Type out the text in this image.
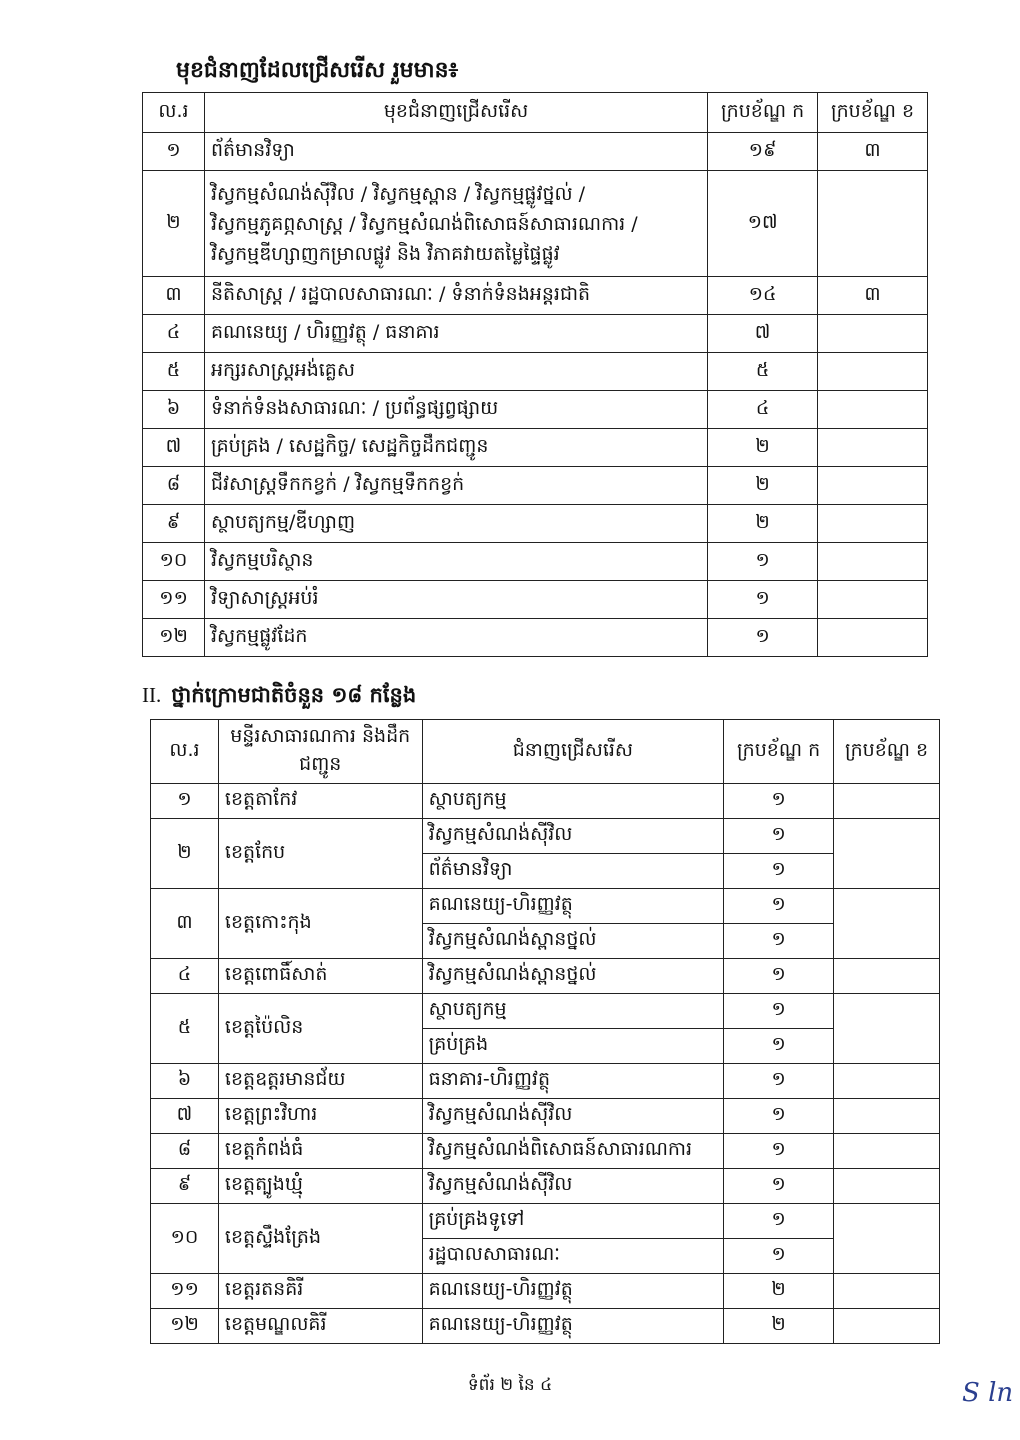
មុខជំនាញដែលជ្រើសរើស រួមមាន៖
ល.រ	មុខជំនាញជ្រើសរើស	ក្របខ័ណ្ឌ ក	ក្របខ័ណ្ឌ ខ
១	ព័ត៌មានវិទ្យា	១៩	៣
២	វិស្វកម្មសំណង់ស៊ីវិល / វិស្វកម្មស្ពាន / វិស្វកម្មផ្លូវថ្នល់ / វិស្វកម្មភូគព្ភសាស្ត្រ / វិស្វកម្មសំណង់ពិសោធន៍សាធារណការ / វិស្វកម្មឌីហ្សាញកម្រាលផ្លូវ និង វិភាគវាយតម្លៃផ្ទៃផ្លូវ	១៧	
៣	នីតិសាស្ត្រ / រដ្ឋបាលសាធារណៈ / ទំនាក់ទំនងអន្តរជាតិ	១៤	៣
៤	គណនេយ្យ / ហិរញ្ញវត្ថុ / ធនាគារ	៧	
៥	អក្សរសាស្ត្រអង់គ្លេស	៥	
៦	ទំនាក់ទំនងសាធារណៈ / ប្រព័ន្ធផ្សព្វផ្សាយ	៤	
៧	គ្រប់គ្រង / សេដ្ឋកិច្ច/ សេដ្ឋកិច្ចដឹកជញ្ជូន	២	
៨	ជីវសាស្ត្រទឹកកខ្វក់ / វិស្វកម្មទឹកកខ្វក់	២	
៩	ស្ថាបត្យកម្ម/ឌីហ្សាញ	២	
១០	វិស្វកម្មបរិស្ថាន	១	
១១	វិទ្យាសាស្ត្រអប់រំ	១	
១២	វិស្វកម្មផ្លូវដែក	១	
II. ថ្នាក់ក្រោមជាតិចំនួន ១៨ កន្លែង
ល.រ	មន្ទីរសាធារណការ និងដឹកជញ្ជូន	ជំនាញជ្រើសរើស	ក្របខ័ណ្ឌ ក	ក្របខ័ណ្ឌ ខ
១	ខេត្តតាកែវ	ស្ថាបត្យកម្ម	១	
២	ខេត្តកែប	វិស្វកម្មសំណង់ស៊ីវិល	១	
		ព័ត៌មានវិទ្យា	១	
៣	ខេត្តកោះកុង	គណនេយ្យ-ហិរញ្ញវត្ថុ	១	
		វិស្វកម្មសំណង់ស្ពានថ្នល់	១	
៤	ខេត្តពោធិ៍សាត់	វិស្វកម្មសំណង់ស្ពានថ្នល់	១	
៥	ខេត្តប៉ៃលិន	ស្ថាបត្យកម្ម	១	
		គ្រប់គ្រង	១	
៦	ខេត្តឧត្តរមានជ័យ	ធនាគារ-ហិរញ្ញវត្ថុ	១	
៧	ខេត្តព្រះវិហារ	វិស្វកម្មសំណង់ស៊ីវិល	១	
៨	ខេត្តកំពង់ធំ	វិស្វកម្មសំណង់ពិសោធន៍សាធារណការ	១	
៩	ខេត្តត្បូងឃ្មុំ	វិស្វកម្មសំណង់ស៊ីវិល	១	
១០	ខេត្តស្ទឹងត្រែង	គ្រប់គ្រងទូទៅ	១	
		រដ្ឋបាលសាធារណៈ	១	
១១	ខេត្តរតនគិរី	គណនេយ្យ-ហិរញ្ញវត្ថុ	២	
១២	ខេត្តមណ្ឌលគិរី	គណនេយ្យ-ហិរញ្ញវត្ថុ	២	
ទំព័រ ២ នៃ ៤	S ln
